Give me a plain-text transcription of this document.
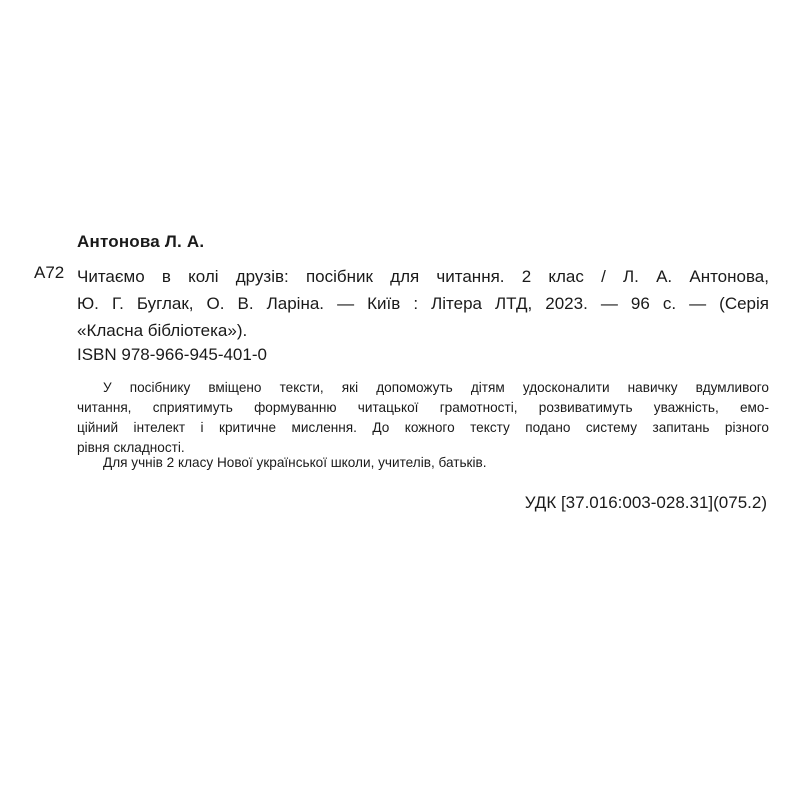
Антонова Л. А.
А72 Читаємо в колі друзів: посібник для читання. 2 клас / Л. А. Антонова,
Ю. Г. Буглак, О. В. Ларіна. — Київ : Літера ЛТД, 2023. — 96 с. — (Серія
«Класна бібліотека»).
ISBN 978-966-945-401-0
У посібнику вміщено тексти, які допоможуть дітям удосконалити навичку вдумливого
читання, сприятимуть формуванню читацької грамотності, розвиватимуть уважність, емо-
ційний інтелект і критичне мислення. До кожного тексту подано систему запитань різного
рівня складності.
Для учнів 2 класу Нової української школи, учителів, батьків.
УДК [37.016:003-028.31](075.2)
